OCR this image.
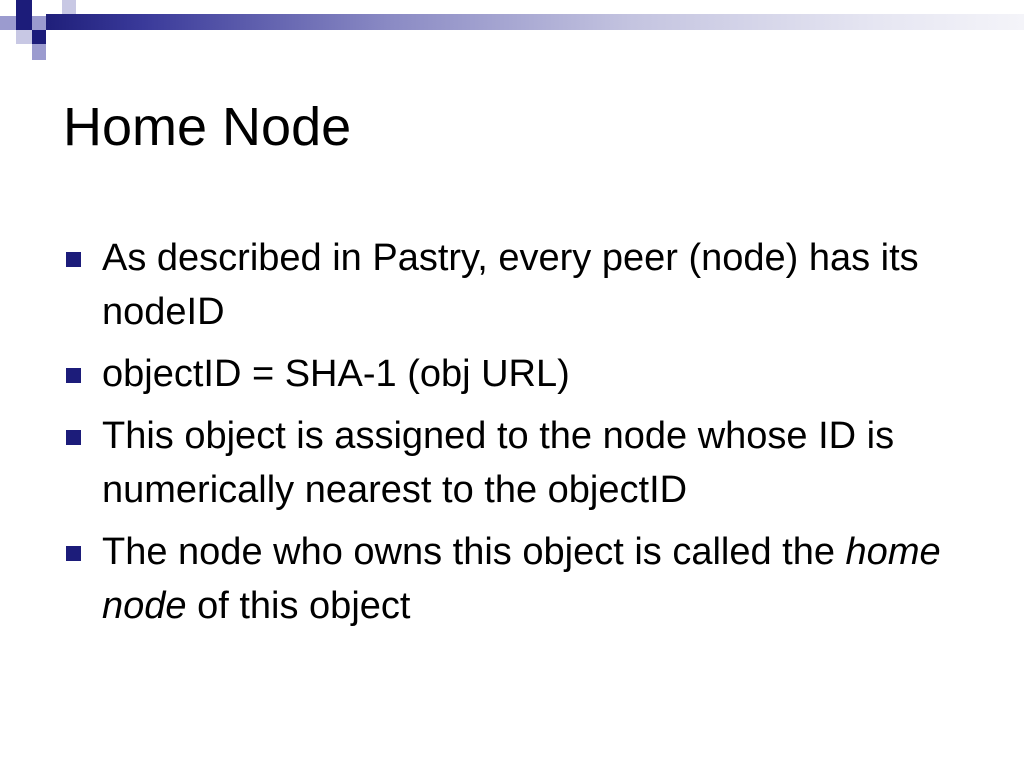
Home Node
As described in Pastry, every peer (node) has its nodeID
objectID = SHA-1 (obj URL)
This object is assigned to the node whose ID is numerically nearest to the objectID
The node who owns this object is called the home node of this object
